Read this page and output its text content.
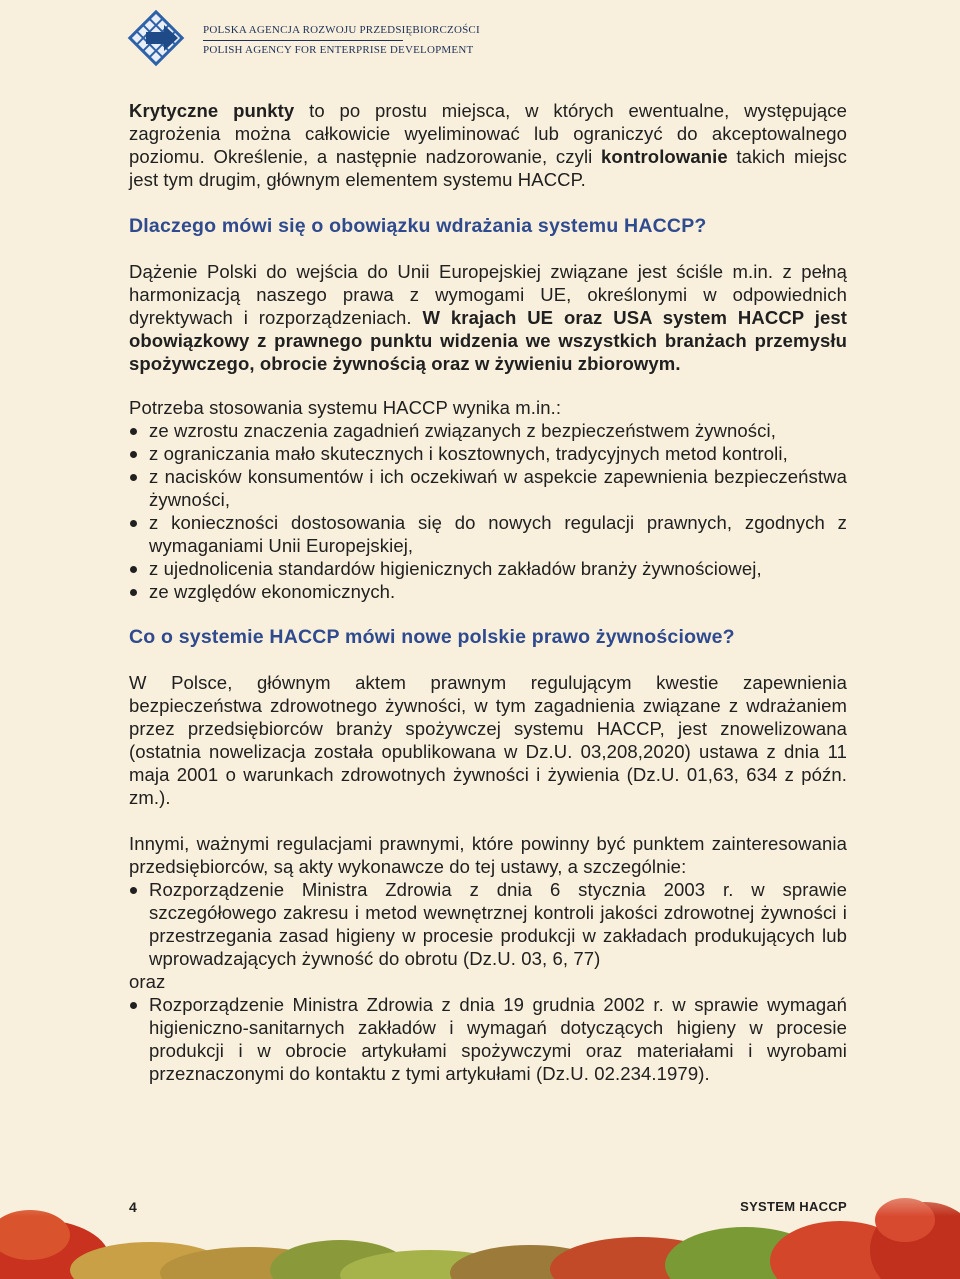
POLSKA AGENCJA ROZWOJU PRZEDSIĘBIORCZOŚCI
POLISH AGENCY FOR ENTERPRISE DEVELOPMENT

Krytyczne punkty to po prostu miejsca, w których ewentualne, występujące zagrożenia można całkowicie wyeliminować lub ograniczyć do akceptowalnego poziomu. Określenie, a następnie nadzorowanie, czyli kontrolowanie takich miejsc jest tym drugim, głównym elementem systemu HACCP.

Dlaczego mówi się o obowiązku wdrażania systemu HACCP?

Dążenie Polski do wejścia do Unii Europejskiej związane jest ściśle m.in. z pełną harmonizacją naszego prawa z wymogami UE, określonymi w odpowiednich dyrektywach i rozporządzeniach. W krajach UE oraz USA system HACCP jest obowiązkowy z prawnego punktu widzenia we wszystkich branżach przemysłu spożywczego, obrocie żywnością oraz w żywieniu zbiorowym.

Potrzeba stosowania systemu HACCP wynika m.in.:

ze wzrostu znaczenia zagadnień związanych z bezpieczeństwem żywności,
z ograniczania mało skutecznych i kosztownych, tradycyjnych metod kontroli,
z nacisków konsumentów i ich oczekiwań w aspekcie zapewnienia bezpieczeństwa żywności,
z konieczności dostosowania się do nowych regulacji prawnych, zgodnych z wymaganiami Unii Europejskiej,
z ujednolicenia standardów higienicznych zakładów branży żywnościowej,
ze względów ekonomicznych.
Co o systemie HACCP mówi nowe polskie prawo żywnościowe?

W Polsce, głównym aktem prawnym regulującym kwestie zapewnienia bezpieczeństwa zdrowotnego żywności, w tym zagadnienia związane z wdrażaniem przez przedsiębiorców branży spożywczej systemu HACCP, jest znowelizowana (ostatnia nowelizacja została opublikowana w Dz.U. 03,208,2020) ustawa z dnia 11 maja 2001 o warunkach zdrowotnych żywności i żywienia (Dz.U. 01,63, 634 z późn. zm.).

Innymi, ważnymi regulacjami prawnymi, które powinny być punktem zainteresowania przedsiębiorców, są akty wykonawcze do tej ustawy, a szczególnie:

Rozporządzenie Ministra Zdrowia z dnia 6 stycznia 2003 r. w sprawie szczegółowego zakresu i metod wewnętrznej kontroli jakości zdrowotnej żywności i przestrzegania zasad higieny w procesie produkcji w zakładach produkujących lub wprowadzających żywność do obrotu (Dz.U. 03, 6, 77)

oraz

Rozporządzenie Ministra Zdrowia z dnia 19 grudnia 2002 r. w sprawie wymagań higieniczno-sanitarnych zakładów i wymagań dotyczących higieny w procesie produkcji i w obrocie artykułami spożywczymi oraz materiałami i wyrobami przeznaczonymi do kontaktu z tymi artykułami (Dz.U. 02.234.1979).
4	SYSTEM HACCP
